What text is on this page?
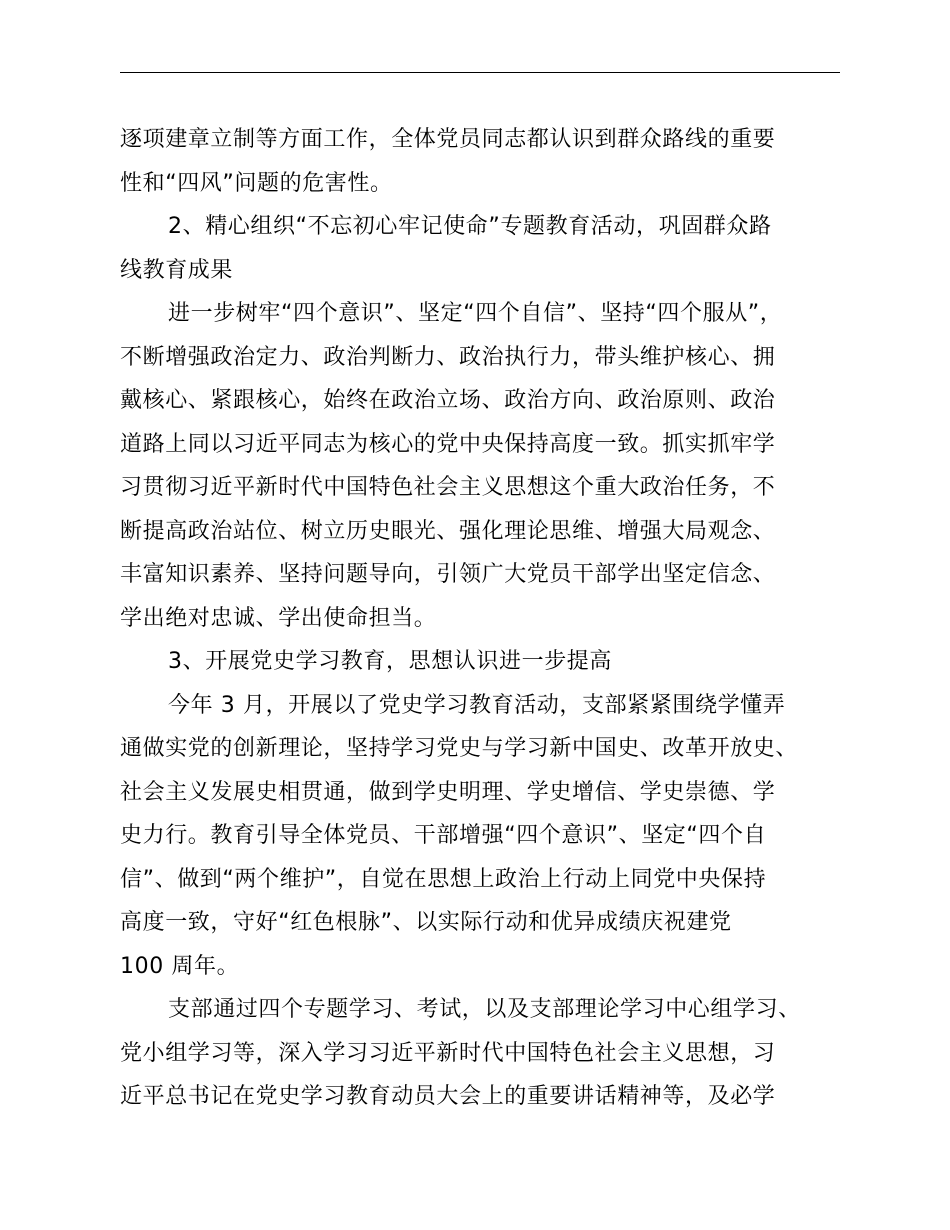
逐项建章立制等方面工作，全体党员同志都认识到群众路线的重要
性和“四风”问题的危害性。
2、精心组织“不忘初心牢记使命”专题教育活动，巩固群众路
线教育成果
进一步树牢“四个意识”、坚定“四个自信”、坚持“四个服从”，
不断增强政治定力、政治判断力、政治执行力，带头维护核心、拥
戴核心、紧跟核心，始终在政治立场、政治方向、政治原则、政治
道路上同以习近平同志为核心的党中央保持高度一致。抓实抓牢学
习贯彻习近平新时代中国特色社会主义思想这个重大政治任务，不
断提高政治站位、树立历史眼光、强化理论思维、增强大局观念、
丰富知识素养、坚持问题导向，引领广大党员干部学出坚定信念、
学出绝对忠诚、学出使命担当。
3、开展党史学习教育，思想认识进一步提高
今年 3 月，开展以了党史学习教育活动，支部紧紧围绕学懂弄
通做实党的创新理论，坚持学习党史与学习新中国史、改革开放史、
社会主义发展史相贯通，做到学史明理、学史增信、学史崇德、学
史力行。教育引导全体党员、干部增强“四个意识”、坚定“四个自
信”、做到“两个维护”，自觉在思想上政治上行动上同党中央保持
高度一致，守好“红色根脉”、以实际行动和优异成绩庆祝建党
100 周年。
支部通过四个专题学习、考试，以及支部理论学习中心组学习、
党小组学习等，深入学习习近平新时代中国特色社会主义思想，习
近平总书记在党史学习教育动员大会上的重要讲话精神等，及必学
